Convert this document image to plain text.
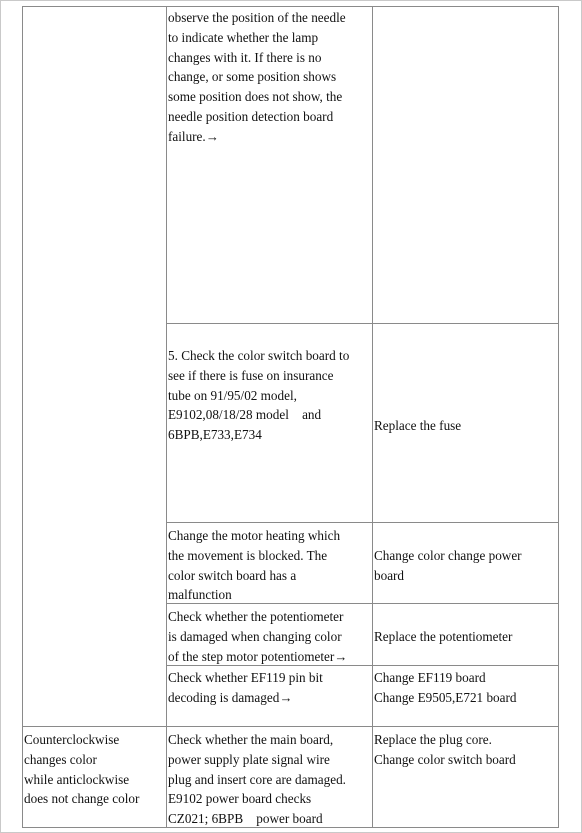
observe the position of the needle
to indicate whether the lamp
changes with it. If there is no
change, or some position shows
some position does not show, the
needle position detection board
failure.→
5. Check the color switch board to
see if there is fuse on insurance
tube on 91/95/02 model,
E9102,08/18/28 model    and
6BPB,E733,E734
Replace the fuse
Change the motor heating which
the movement is blocked. The
color switch board has a
malfunction
Change color change power
board
Check whether the potentiometer
is damaged when changing color
of the step motor potentiometer→
Replace the potentiometer
Check whether EF119 pin bit
decoding is damaged→
Change EF119 board
Change E9505,E721 board
Counterclockwise
changes color
while anticlockwise
does not change color
Check whether the main board,
power supply plate signal wire
plug and insert core are damaged.
E9102 power board checks
CZ021; 6BPB    power board
Replace the plug core.
Change color switch board
